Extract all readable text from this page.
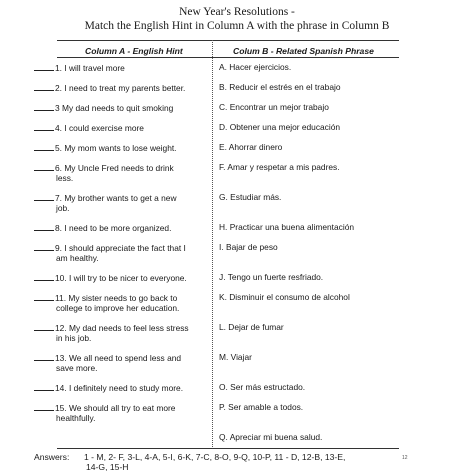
New Year's Resolutions -
Match the English Hint in Column A with the phrase in Column B
Column A - English Hint	Colum B - Related Spanish Phrase
1. I will travel more
2. I need to treat my parents better.
3 My dad needs to quit smoking
4. I could exercise more
5. My mom wants to lose weight.
6. My Uncle Fred needs to drink
less.
7. My brother wants to get a new
job.
8. I need to be more organized.
9. I should appreciate the fact that I
am healthy.
10. I will try to be nicer to everyone.
11. My sister needs to go back to
college to improve her education.
12. My dad needs to feel less stress
in his job.
13. We all need to spend less and
save more.
14. I definitely need to study more.
15. We should all try to eat more
healthfully.
A. Hacer ejercicios.
B. Reducir el estrés en el trabajo
C. Encontrar un mejor trabajo
D. Obtener una mejor educación
E. Ahorrar dinero
F. Amar y respetar a mis padres.
G. Estudiar más.
H. Practicar una buena alimentación
I. Bajar de peso
J. Tengo un fuerte resfriado.
K. Disminuir el consumo de alcohol
L. Dejar de fumar
M. Viajar
O. Ser más estructado.
P. Ser amable a todos.
Q. Apreciar mi buena salud.
Answers: 1 - M, 2- F, 3-L, 4-A, 5-I, 6-K, 7-C, 8-O, 9-Q, 10-P, 11 - D, 12-B, 13-E,
14-G, 15-H
12
